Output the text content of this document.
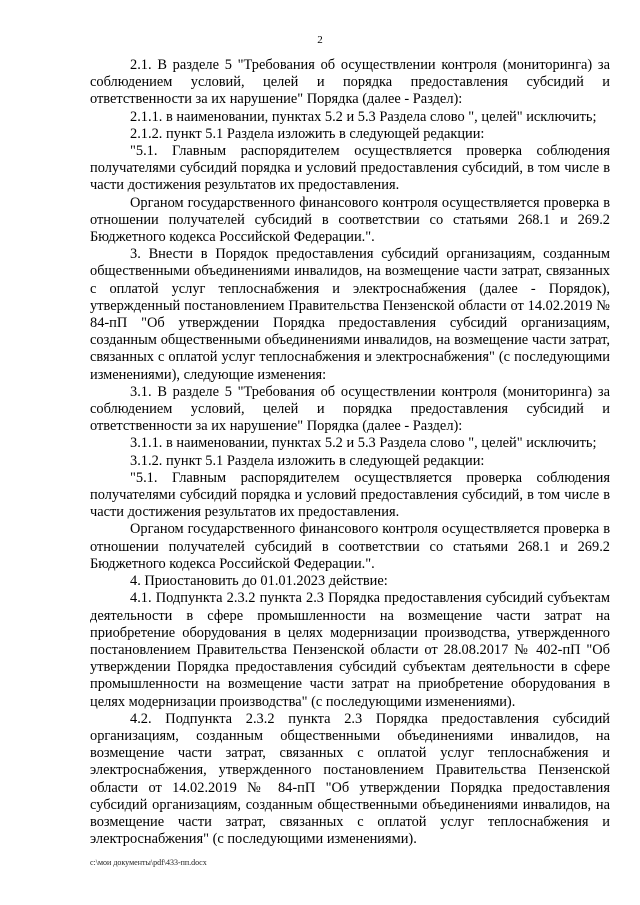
2

2.1. В разделе 5 "Требования об осуществлении контроля (мониторинга) за соблюдением условий, целей и порядка предоставления субсидий и ответственности за их нарушение" Порядка (далее - Раздел):

2.1.1. в наименовании, пунктах 5.2 и 5.3 Раздела слово ", целей" исключить;

2.1.2. пункт 5.1 Раздела изложить в следующей редакции:

"5.1. Главным распорядителем осуществляется проверка соблюдения получателями субсидий порядка и условий предоставления субсидий, в том числе в части достижения результатов их предоставления.

Органом государственного финансового контроля осуществляется проверка в отношении получателей субсидий в соответствии со статьями 268.1 и 269.2 Бюджетного кодекса Российской Федерации.".

3. Внести в Порядок предоставления субсидий организациям, созданным общественными объединениями инвалидов, на возмещение части затрат, связанных с оплатой услуг теплоснабжения и электроснабжения (далее - Порядок), утвержденный постановлением Правительства Пензенской области от 14.02.2019 № 84-пП "Об утверждении Порядка предоставления субсидий организациям, созданным общественными объединениями инвалидов, на возмещение части затрат, связанных с оплатой услуг теплоснабжения и электроснабжения" (с последующими изменениями), следующие изменения:

3.1. В разделе 5 "Требования об осуществлении контроля (мониторинга) за соблюдением условий, целей и порядка предоставления субсидий и ответственности за их нарушение" Порядка (далее - Раздел):

3.1.1. в наименовании, пунктах 5.2 и 5.3 Раздела слово ", целей" исключить;

3.1.2. пункт 5.1 Раздела изложить в следующей редакции:

"5.1. Главным распорядителем осуществляется проверка соблюдения получателями субсидий порядка и условий предоставления субсидий, в том числе в части достижения результатов их предоставления.

Органом государственного финансового контроля осуществляется проверка в отношении получателей субсидий в соответствии со статьями 268.1 и 269.2 Бюджетного кодекса Российской Федерации.".

4. Приостановить до 01.01.2023 действие:

4.1. Подпункта 2.3.2 пункта 2.3 Порядка предоставления субсидий субъектам деятельности в сфере промышленности на возмещение части затрат на приобретение оборудования в целях модернизации производства, утвержденного постановлением Правительства Пензенской области от 28.08.2017 № 402-пП "Об утверждении Порядка предоставления субсидий субъектам деятельности в сфере промышленности на возмещение части затрат на приобретение оборудования в целях модернизации производства" (с последующими изменениями).

4.2. Подпункта 2.3.2 пункта 2.3 Порядка предоставления субсидий организациям, созданным общественными объединениями инвалидов, на возмещение части затрат, связанных с оплатой услуг теплоснабжения и электроснабжения, утвержденного постановлением Правительства Пензенской области от 14.02.2019 № 84-пП "Об утверждении Порядка предоставления субсидий организациям, созданным общественными объединениями инвалидов, на возмещение части затрат, связанных с оплатой услуг теплоснабжения и электроснабжения" (с последующими изменениями).

c:\мои документы\pdf\433-пп.docx
